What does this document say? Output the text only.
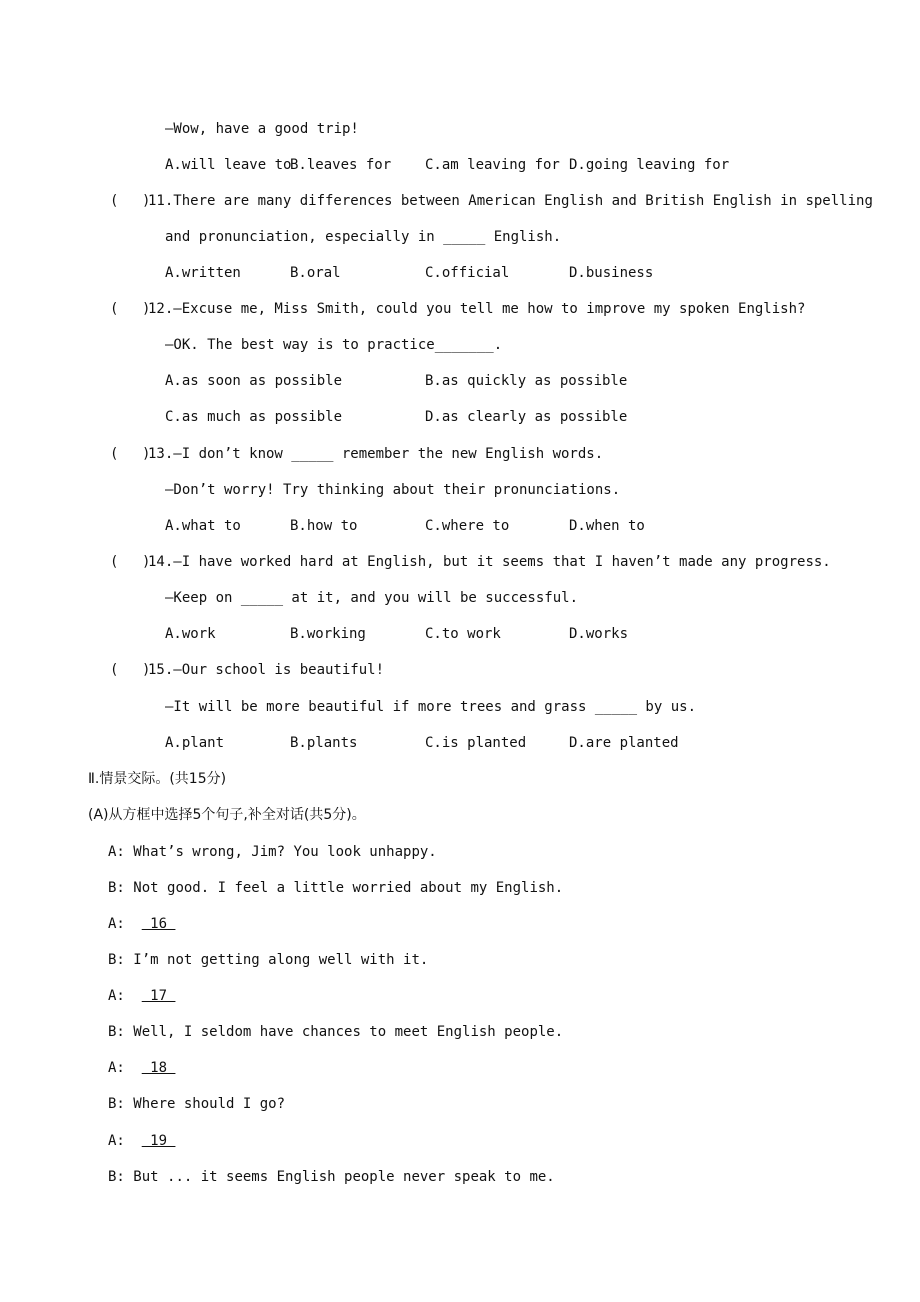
—Wow, have a good trip!
A.will leave to
B.leaves for C.am leaving for D.going leaving for
( )
11.There are many differences between American English and British English in spelling
and pronunciation, especially in _____ English.
A.written	B.oral	C.official	D.business
( )
12.—Excuse me, Miss Smith, could you tell me how to improve my spoken English?
—OK. The best way is to practice_______.
A.as soon as possible	B.as quickly as possible
C.as much as possible	D.as clearly as possible
( )
13.—I don’t know _____ remember the new English words.
—Don’t worry! Try thinking about their pronunciations.
A.what to	B.how to	C.where to	D.when to
( )
14.—I have worked hard at English, but it seems that I haven’t made any progress.
—Keep on _____ at it, and you will be successful.
A.work	B.working	C.to work	D.works
( )
15.—Our school is beautiful!
—It will be more beautiful if more trees and grass _____ by us.
A.plant	B.plants	C.is planted	D.are planted
Ⅱ.情景交际。(共15分)
(A)从方框中选择5个句子,补全对话(共5分)。
A: What’s wrong, Jim? You look unhappy.
B: Not good. I feel a little worried about my English.
A:   16
B: I’m not getting along well with it.
A:   17
B: Well, I seldom have chances to meet English people.
A:   18
B: Where should I go?
A:   19
B: But ... it seems English people never speak to me.
